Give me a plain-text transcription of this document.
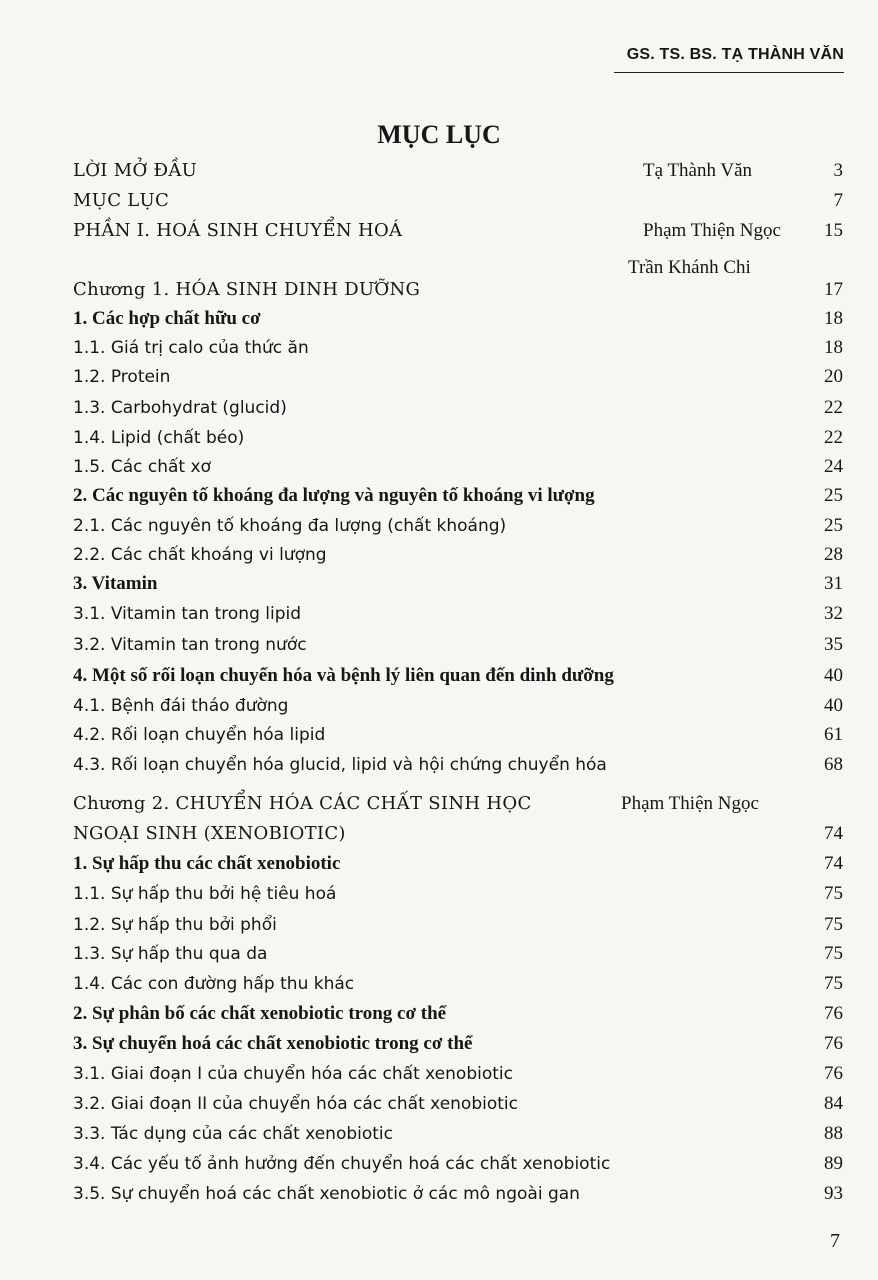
GS. TS. BS. TẠ THÀNH VĂN
MỤC LỤC
LỜI MỞ ĐẦU	Tạ Thành Văn	3
MỤC LỤC	7
PHẦN I. HOÁ SINH CHUYỂN HOÁ	Phạm Thiện Ngọc 15
Trần Khánh Chi
Chương 1. HÓA SINH DINH DƯỠNG	17
1. Các hợp chất hữu cơ	18
1.1. Giá trị calo của thức ăn	18
1.2. Protein	20
1.3. Carbohydrat (glucid)	22
1.4. Lipid (chất béo)	22
1.5. Các chất xơ	24
2. Các nguyên tố khoáng đa lượng và nguyên tố khoáng vi lượng	25
2.1. Các nguyên tố khoáng đa lượng (chất khoáng)	25
2.2. Các chất khoáng vi lượng	28
3. Vitamin	31
3.1. Vitamin tan trong lipid	32
3.2. Vitamin tan trong nước	35
4. Một số rối loạn chuyển hóa và bệnh lý liên quan đến dinh dưỡng	40
4.1. Bệnh đái tháo đường	40
4.2. Rối loạn chuyển hóa lipid	61
4.3. Rối loạn chuyển hóa glucid, lipid và hội chứng chuyển hóa	68
Chương 2. CHUYỂN HÓA CÁC CHẤT SINH HỌC	Phạm Thiện Ngọc
NGOẠI SINH (XENOBIOTIC)	74
1. Sự hấp thu các chất xenobiotic	74
1.1. Sự hấp thu bởi hệ tiêu hoá	75
1.2. Sự hấp thu bởi phổi	75
1.3. Sự hấp thu qua da	75
1.4. Các con đường hấp thu khác	75
2. Sự phân bố các chất xenobiotic trong cơ thể	76
3. Sự chuyển hoá các chất xenobiotic trong cơ thể	76
3.1. Giai đoạn I của chuyển hóa các chất xenobiotic	76
3.2. Giai đoạn II của chuyển hóa các chất xenobiotic	84
3.3. Tác dụng của các chất xenobiotic	88
3.4. Các yếu tố ảnh hưởng đến chuyển hoá các chất xenobiotic	89
3.5. Sự chuyển hoá các chất xenobiotic ở các mô ngoài gan	93
7
